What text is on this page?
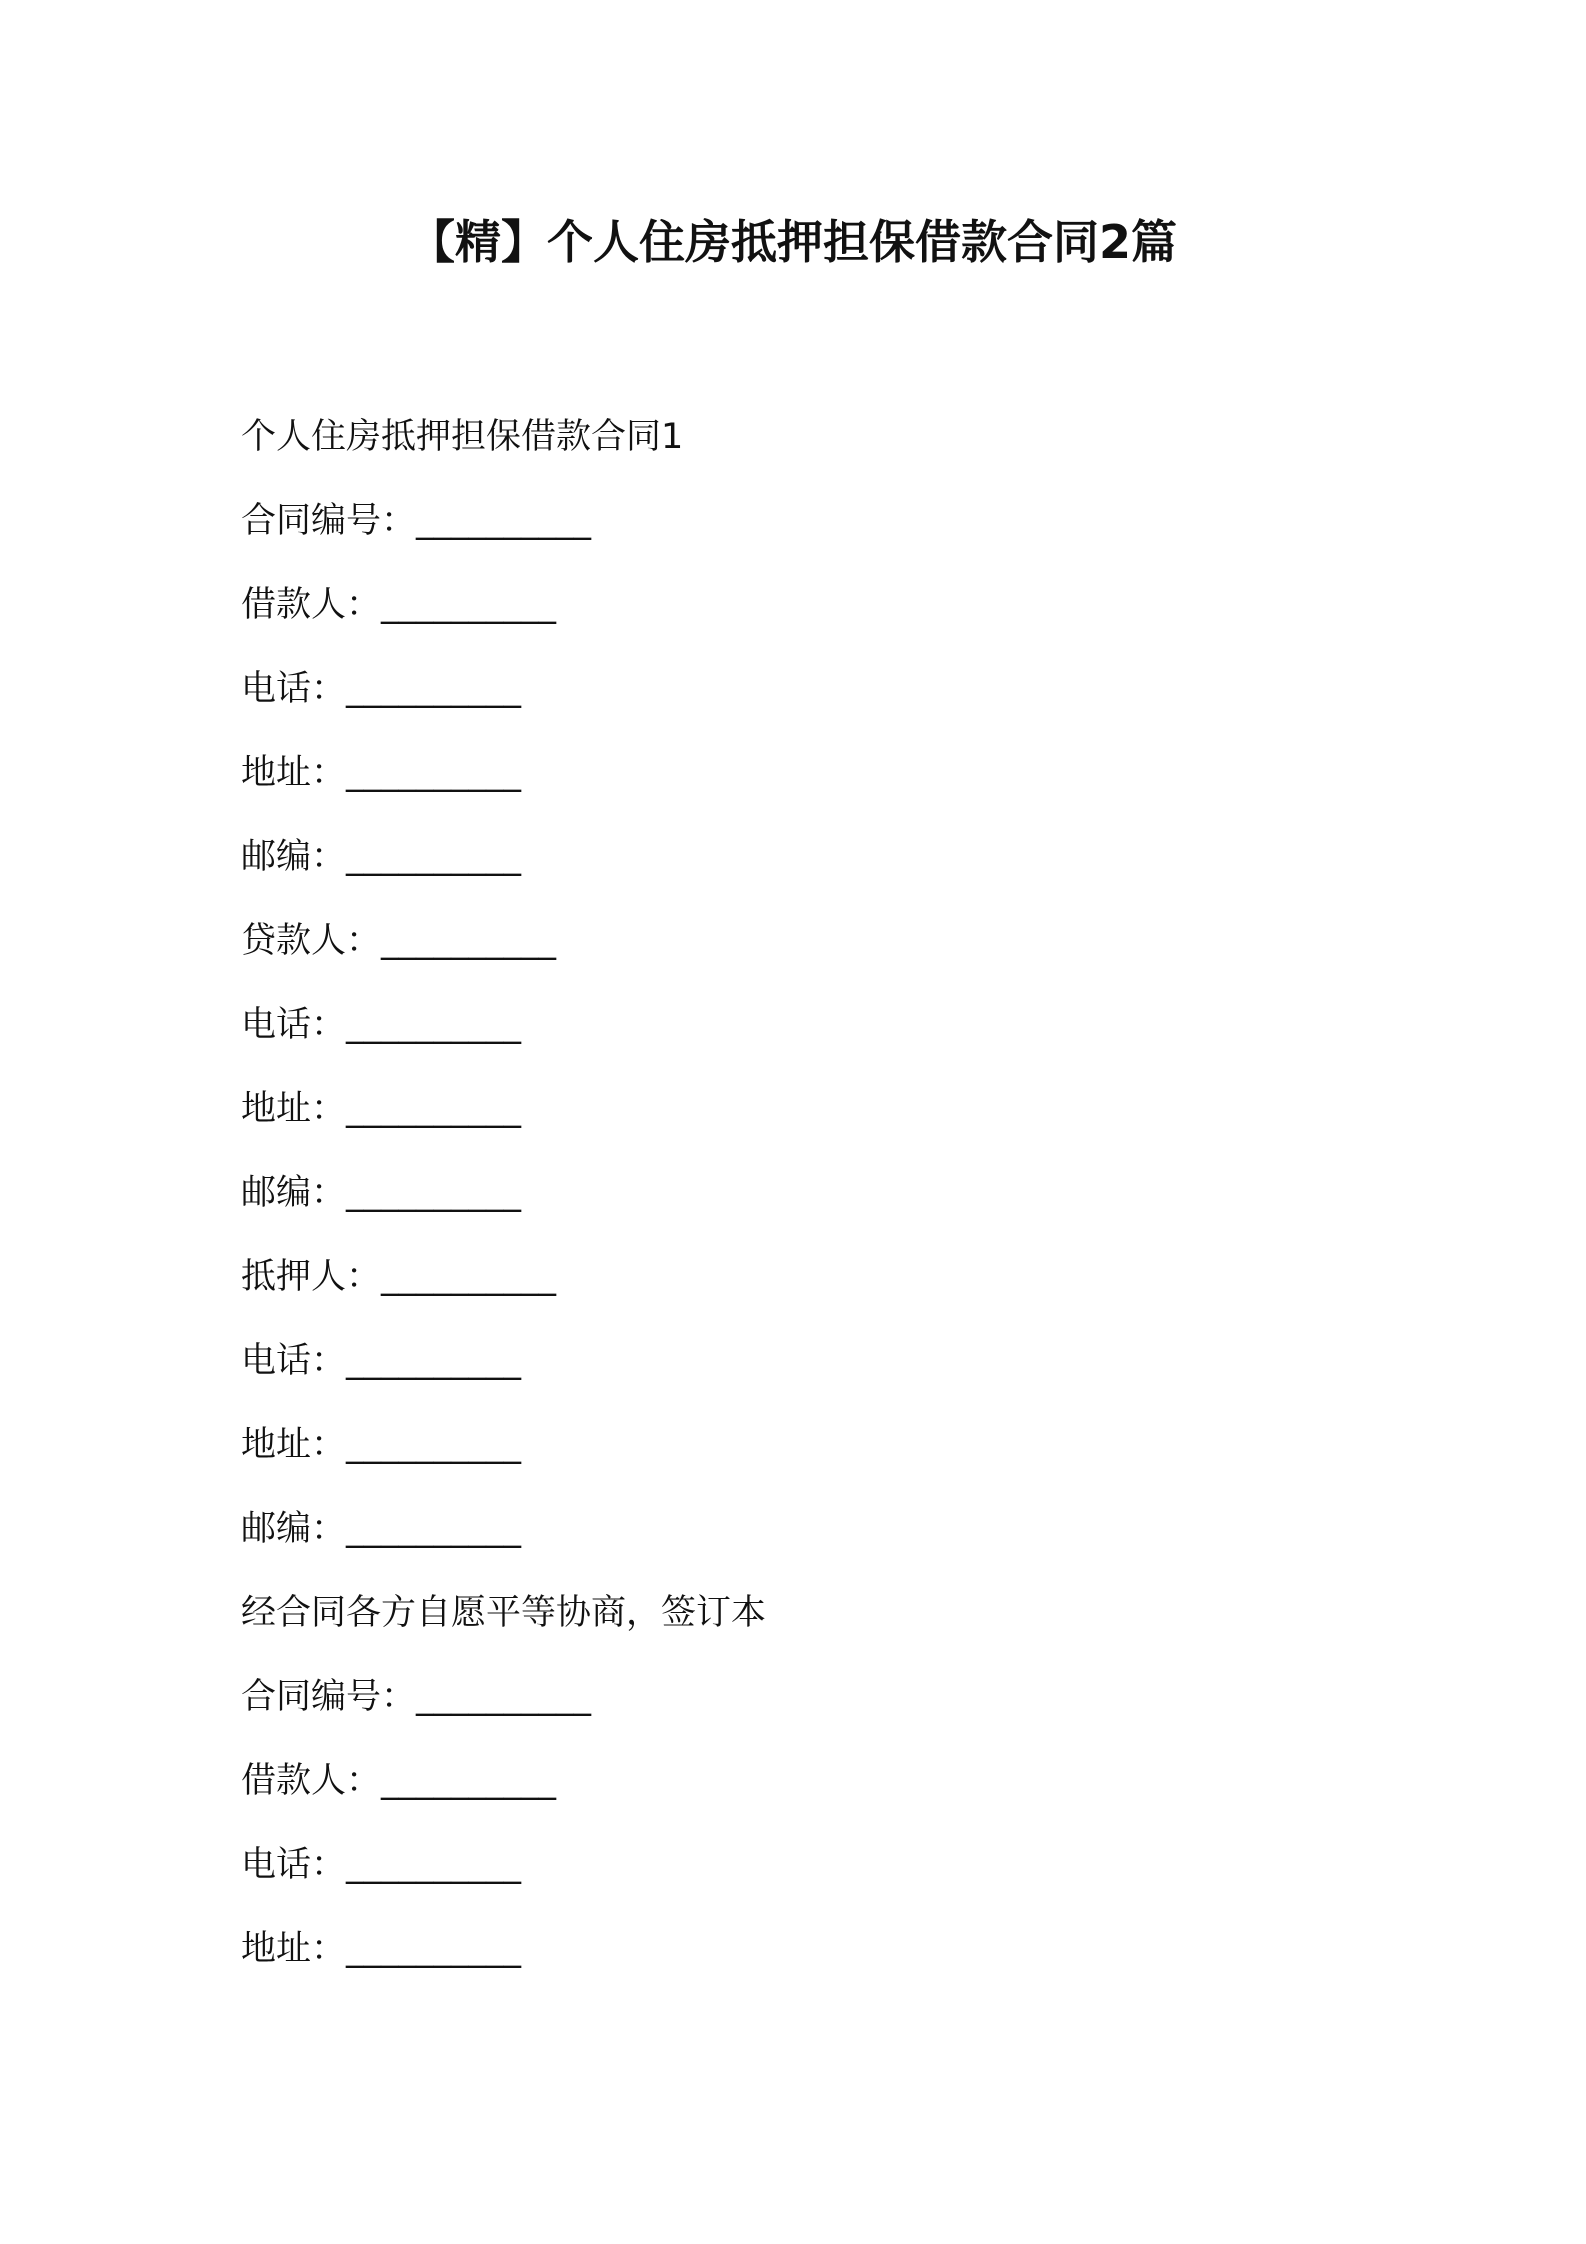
【精】个人住房抵押担保借款合同2篇
个人住房抵押担保借款合同1
合同编号：__________
借款人：__________
电话：__________
地址：__________
邮编：__________
贷款人：__________
电话：__________
地址：__________
邮编：__________
抵押人：__________
电话：__________
地址：__________
邮编：__________
经合同各方自愿平等协商，签订本
合同编号：__________
借款人：__________
电话：__________
地址：__________
